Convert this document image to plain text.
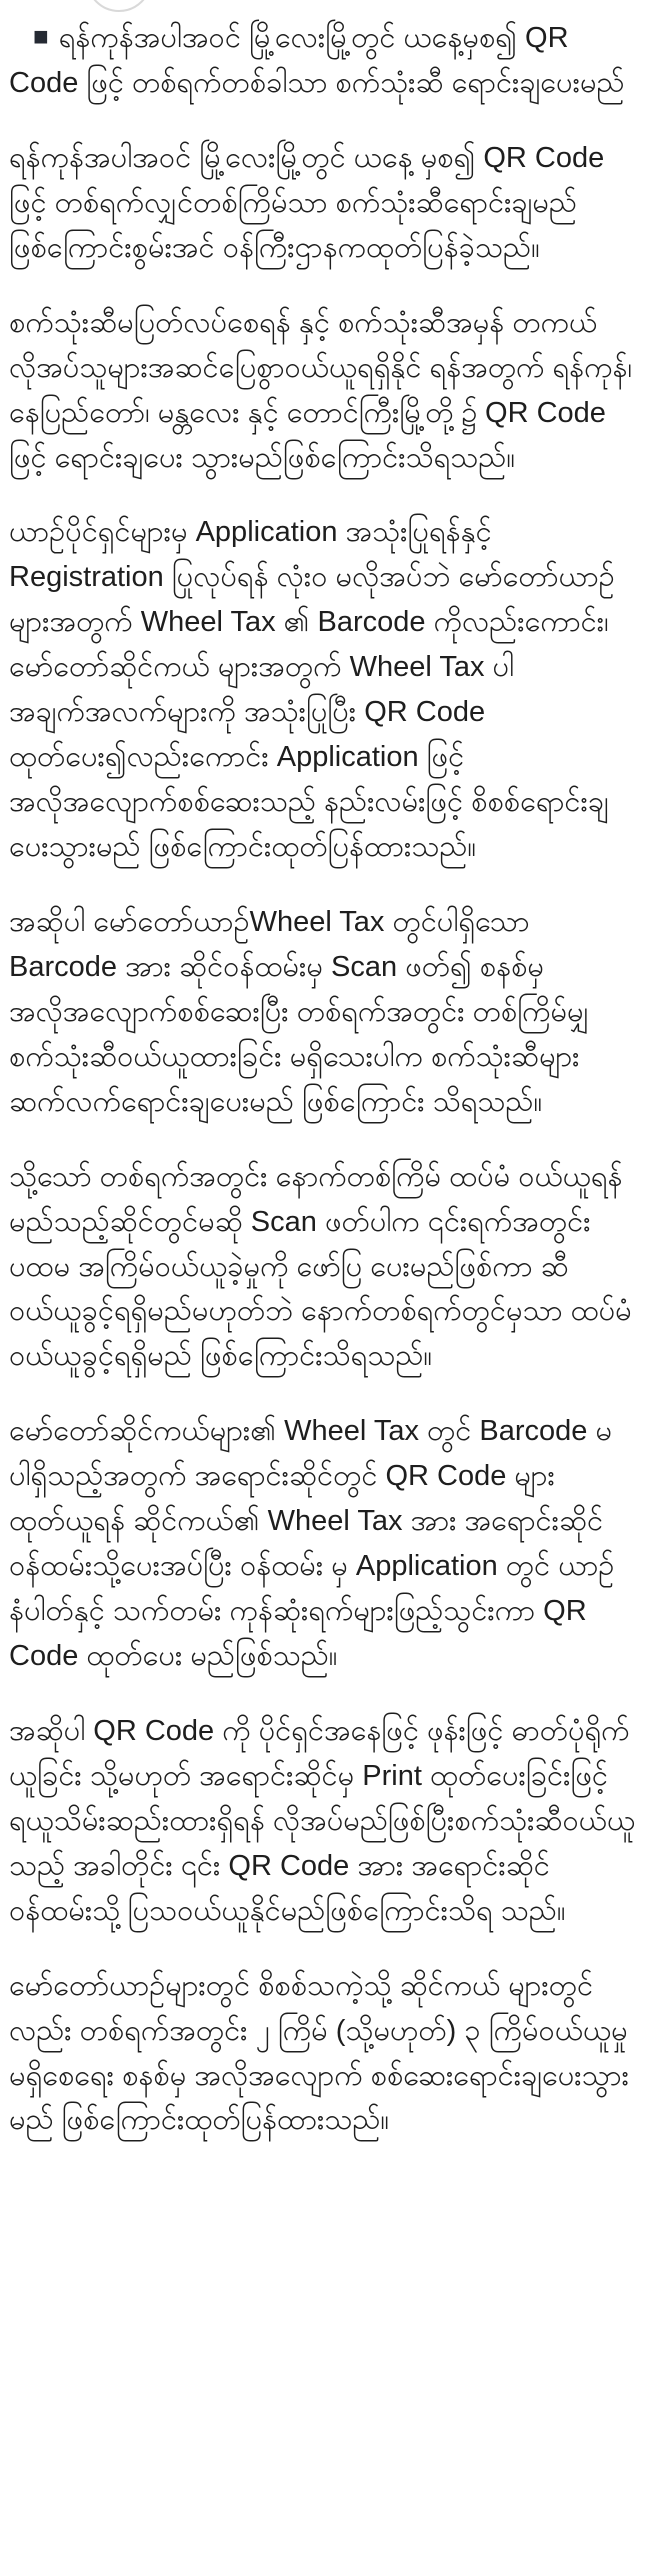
■ ရန်ကုန်အပါအဝင် မြို့လေးမြို့တွင် ယနေ့မှစ၍ QR Code ဖြင့် တစ်ရက်တစ်ခါသာ စက်သုံးဆီ ရောင်းချပေးမည်

ရန်ကုန်အပါအဝင် မြို့လေးမြို့တွင် ယနေ့ မှစ၍ QR Code ဖြင့် တစ်ရက်လျှင်တစ်ကြိမ်သာ စက်သုံးဆီရောင်းချမည်ဖြစ်ကြောင်းစွမ်းအင် ဝန်ကြီးဌာနကထုတ်ပြန်ခဲ့သည်။

စက်သုံးဆီမပြတ်လပ်စေရန် နှင့် စက်သုံးဆီအမှန် တကယ်လိုအပ်သူများအဆင်ပြေစွာဝယ်ယူရရှိနိုင် ရန်အတွက် ရန်ကုန်၊နေပြည်တော်၊ မန္တလေး နှင့် တောင်ကြီးမြို့တို့၌ QR Code ဖြင့် ရောင်းချပေး သွားမည်ဖြစ်ကြောင်းသိရသည်။

ယာဉ်ပိုင်ရှင်များမှ Application အသုံးပြုရန်နှင့် Registration ပြုလုပ်ရန် လုံးဝ မလိုအပ်ဘဲ မော်တော်ယာဉ်များအတွက် Wheel Tax ၏ Barcode ကိုလည်းကောင်း၊ မော်တော်ဆိုင်ကယ် များအတွက် Wheel Tax ပါအချက်အလက်များကို အသုံးပြုပြီး QR Code ထုတ်ပေး၍လည်းကောင်း Application ဖြင့် အလိုအလျောက်စစ်ဆေးသည့် နည်းလမ်းဖြင့် စိစစ်ရောင်းချပေးသွားမည် ဖြစ်ကြောင်းထုတ်ပြန်ထားသည်။

အဆိုပါ မော်တော်ယာဉ်Wheel Tax တွင်ပါရှိသော Barcode အား ဆိုင်ဝန်ထမ်းမှ Scan ဖတ်၍ စနစ်မှ အလိုအလျောက်စစ်ဆေးပြီး တစ်ရက်အတွင်း တစ်ကြိမ်မျှ စက်သုံးဆီဝယ်ယူထားခြင်း မရှိသေးပါက စက်သုံးဆီများဆက်လက်ရောင်းချပေးမည် ဖြစ်ကြောင်း သိရသည်။

သို့သော် တစ်ရက်အတွင်း နောက်တစ်ကြိမ် ထပ်မံ ဝယ်ယူရန် မည်သည့်ဆိုင်တွင်မဆို Scan ဖတ်ပါက ၎င်းရက်အတွင်း ပထမ အကြိမ်ဝယ်ယူခဲ့မှုကို ဖော်ပြ ပေးမည်ဖြစ်ကာ ဆီဝယ်ယူခွင့်ရရှိမည်မဟုတ်ဘဲ နောက်တစ်ရက်တွင်မှသာ ထပ်မံဝယ်ယူခွင့်ရရှိမည် ဖြစ်ကြောင်းသိရသည်။

မော်တော်ဆိုင်ကယ်များ၏ Wheel Tax တွင် Barcode မပါရှိသည့်အတွက် အရောင်းဆိုင်တွင် QR Code များထုတ်ယူရန် ဆိုင်ကယ်၏ Wheel Tax အား အရောင်းဆိုင်ဝန်ထမ်းသို့ပေးအပ်ပြီး ဝန်ထမ်း မှ Application တွင် ယာဉ် နံပါတ်နှင့် သက်တမ်း ကုန်ဆုံးရက်များဖြည့်သွင်းကာ QR Code ထုတ်ပေး မည်ဖြစ်သည်။

အဆိုပါ QR Code ကို ပိုင်ရှင်အနေဖြင့် ဖုန်းဖြင့် ဓာတ်ပုံရိုက်ယူခြင်း သို့မဟုတ် အရောင်းဆိုင်မှ Print ထုတ်ပေးခြင်းဖြင့် ရယူသိမ်းဆည်းထားရှိရန် လိုအပ်မည်ဖြစ်ပြီးစက်သုံးဆီဝယ်ယူသည့် အခါတိုင်း ၎င်း QR Code အား အရောင်းဆိုင် ဝန်ထမ်းသို့ပြသဝယ်ယူနိုင်မည်ဖြစ်ကြောင်းသိရ သည်။

မော်တော်ယာဉ်များတွင် စိစစ်သကဲ့သို့ ဆိုင်ကယ် များတွင်လည်း တစ်ရက်အတွင်း ၂ ကြိမ် (သို့မဟုတ်) ၃ ကြိမ်ဝယ်ယူမှုမရှိစေရေး စနစ်မှ အလိုအလျောက် စစ်ဆေးရောင်းချပေးသွားမည် ဖြစ်ကြောင်းထုတ်ပြန်ထားသည်။
